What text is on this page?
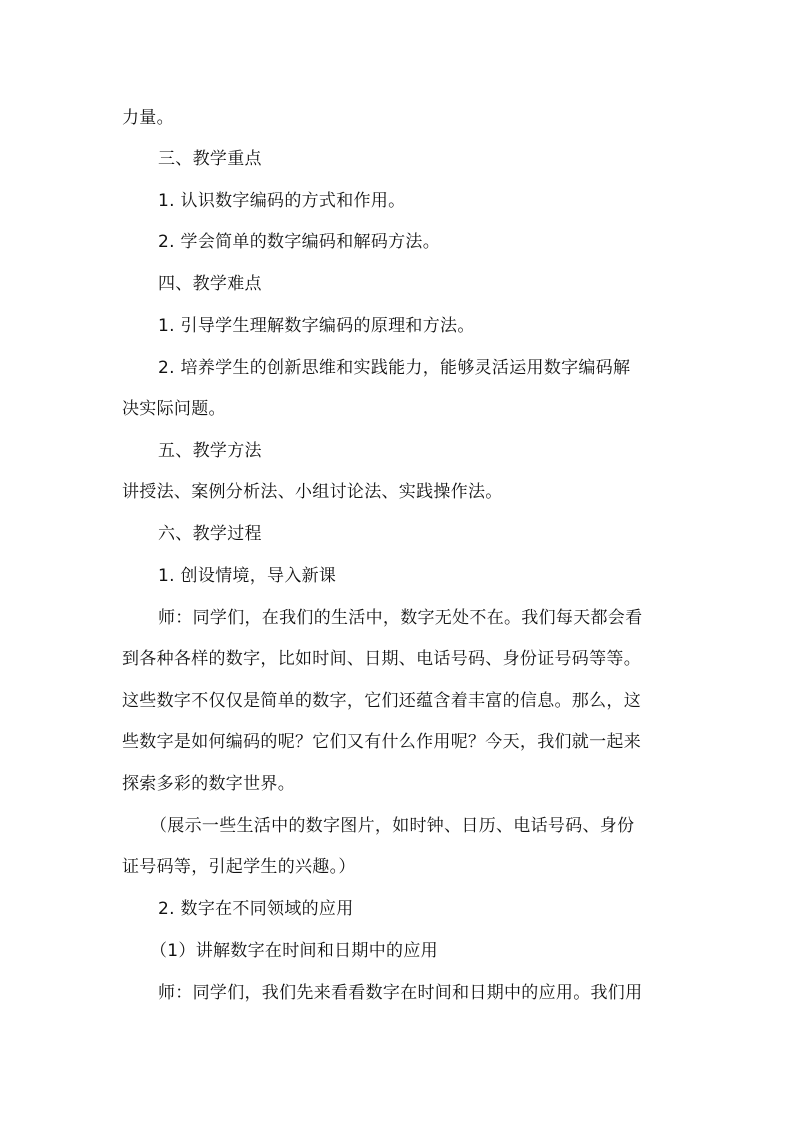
力量。
三、教学重点
1. 认识数字编码的方式和作用。
2. 学会简单的数字编码和解码方法。
四、教学难点
1. 引导学生理解数字编码的原理和方法。
2. 培养学生的创新思维和实践能力，能够灵活运用数字编码解
决实际问题。
五、教学方法
讲授法、案例分析法、小组讨论法、实践操作法。
六、教学过程
1. 创设情境，导入新课
师：同学们，在我们的生活中，数字无处不在。我们每天都会看
到各种各样的数字，比如时间、日期、电话号码、身份证号码等等。
这些数字不仅仅是简单的数字，它们还蕴含着丰富的信息。那么，这
些数字是如何编码的呢？它们又有什么作用呢？今天，我们就一起来
探索多彩的数字世界。
（展示一些生活中的数字图片，如时钟、日历、电话号码、身份
证号码等，引起学生的兴趣。）
2. 数字在不同领域的应用
（1）讲解数字在时间和日期中的应用
师：同学们，我们先来看看数字在时间和日期中的应用。我们用
